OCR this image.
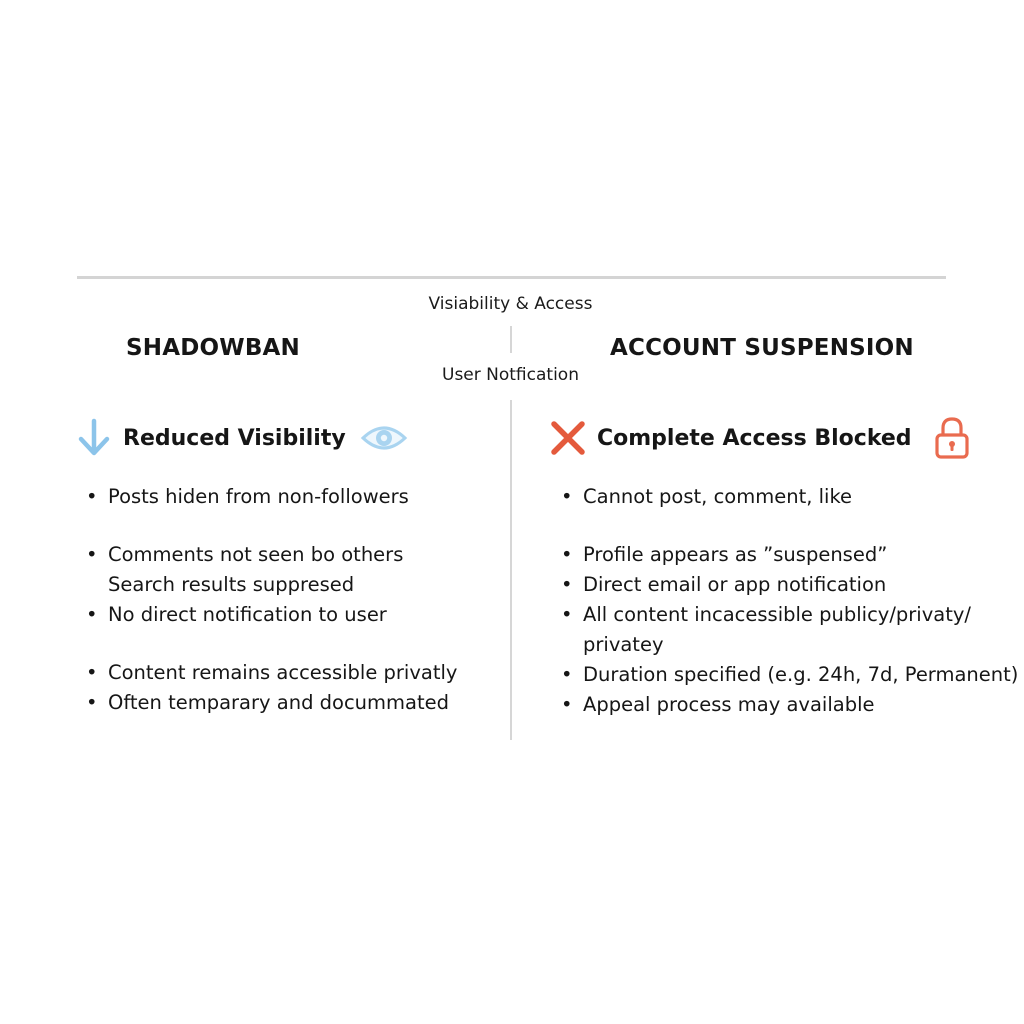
Visiability & Access
User Notfication
SHADOWBAN
Reduced Visibility
• Posts hiden from non-followers
• Comments not seen bo others
Search results suppresed
• No direct notification to user
• Content remains accessible privatly
• Often temparary and docummated
ACCOUNT SUSPENSION
Complete Access Blocked
• Cannot post, comment, like
• Profile appears as ”suspensed”
• Direct email or app notification
• All content incacessible publicy/privaty/
privatey
• Duration specified (e.g. 24h, 7d, Permanent)
• Appeal process may available
